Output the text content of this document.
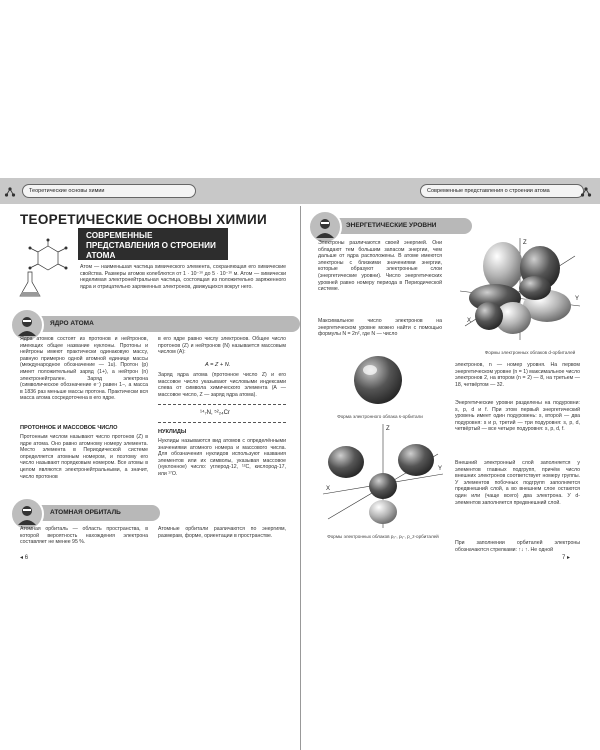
Теоретические основы химии	Современные представления о строении атома
ТЕОРЕТИЧЕСКИЕ ОСНОВЫ ХИМИИ
СОВРЕМЕННЫЕ ПРЕДСТАВЛЕНИЯ О СТРОЕНИИ АТОМА
Атом — наименьшая частица химического элемента, сохраняющая его химические свойства. Размеры атомов колеблются от 1 · 10⁻¹⁰ до 5 · 10⁻¹⁰ м. Атом — химически неделимая электронейтральная частица, состоящая из положительно заряженного ядра и отрицательно заряженных электронов, движущихся вокруг него.
ЯДРО АТОМА
Ядра атомов состоят из протонов и нейтронов, имеющих общее название нуклоны. Протоны и нейтроны имеют практически одинаковую массу, равную примерно одной атомной единице массы (международное обозначение — 1u). Протон (p) имеет положительный заряд (1+), а нейтрон (n) электронейтрален. Заряд электрона (символическое обозначение e⁻) равен 1−, а масса в 1836 раз меньше массы протона. Практически вся масса атома сосредоточена в его ядре.
ПРОТОННОЕ И МАССОВОЕ ЧИСЛО
Протонным числом называют число протонов (Z) в ядре атома. Оно равно атомному номеру элемента. Место элемента в Периодической системе определяется атомным номером, и поэтому его число называют порядковым номером. Все атомы в целом являются электронейтральными, а значит, число протонов
в его ядре равно числу электронов. Общее число протонов (Z) и нейтронов (N) называется массовым числом (A):
A = Z + N.
Заряд ядра атома (протонное число Z) и его массовое число указывают числовыми индексами слева от символа химического элемента (A — массовое число, Z — заряд ядра атома).
¹⁴₇N, ⁵²₂₄Cr
НУКЛИДЫ
Нуклиды называются вид атомов с определёнными значениями атомного номера и массового числа. Для обозначения нуклидов используют названия элементов или их символы, указывая массовое (нуклонное) число: углерод-12, ¹²C, кислород-17, или ¹⁷O.
АТОМНАЯ ОРБИТАЛЬ
Атомная орбиталь — область пространства, в которой вероятность нахождения электрона составляет не менее 95 %.
Атомные орбитали различаются по энергиям, размерам, форме, ориентации в пространстве.
◂ 6
ЭНЕРГЕТИЧЕСКИЕ УРОВНИ
Электроны различаются своей энергией. Они обладают тем большим запасом энергии, чем дальше от ядра расположены. В атоме имеются электроны с близкими значениями энергии, которые образуют электронные слои (энергетические уровни). Число энергетических уровней равно номеру периода в Периодической системе.
Максимальное число электронов на энергетическом уровне можно найти с помощью формулы N = 2n², где N — число
Z
X
Y
Формы электронных облаков d-орбиталей
Форма электронного облака s-орбитали
Z
X
Y
Формы электронных облаков pₓ-, pᵧ-, p_z-орбиталей
электронов, n — номер уровня. На первом энергетическом уровне (n = 1) максимальное число электронов 2, на втором (n = 2) — 8, на третьем — 18, четвёртом — 32.
Энергетические уровни разделены на подуровни: s, p, d и f. При этом первый энергетический уровень имеет один подуровень: s, второй — два подуровня: s и p, третий — три подуровня: s, p, d, четвёртый — все четыре подуровня: s, p, d, f.
Внешний электронный слой заполняется у элементов главных подгрупп, причём число внешних электронов соответствует номеру группы. У элементов побочных подгрупп заполняется предвнешний слой, а во внешнем слое остаются один или (чаще всего) два электрона. У d-элементов заполняется предвнешний слой.
При заполнении орбиталей электроны обозначаются стрелками: ↑↓ ↑. Не одной
7 ▸
